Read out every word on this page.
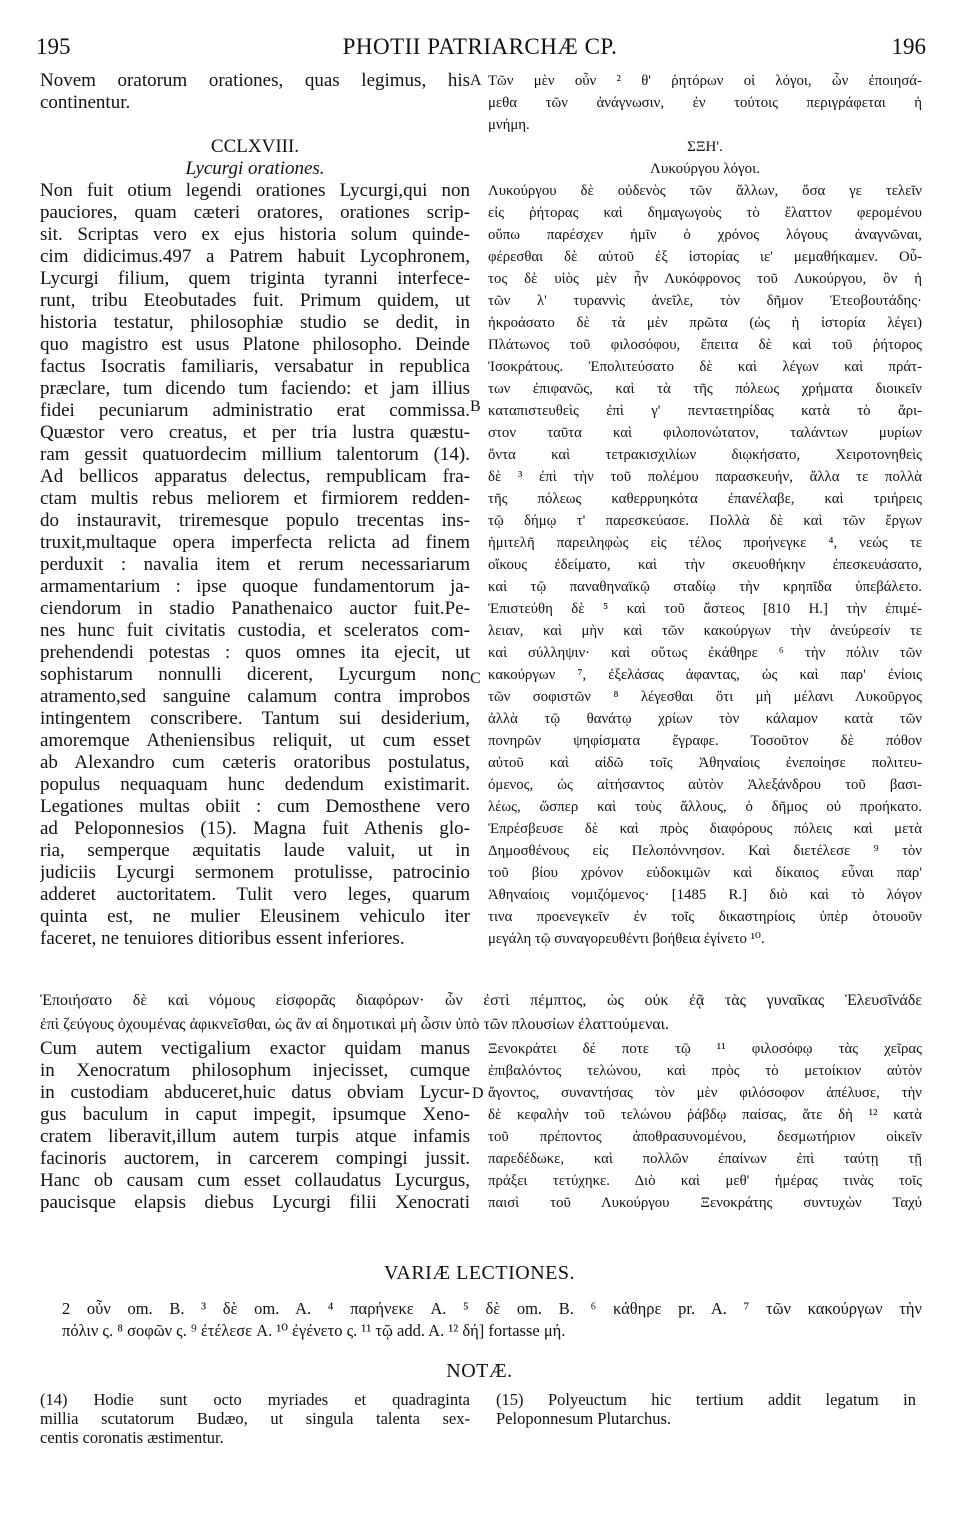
195	PHOTII PATRIARCHÆ CP.	196
Novem oratorum orationes, quas legimus, his
continentur.
CCLXVIII.
Lycurgi orationes.
Non fuit otium legendi orationes Lycurgi,qui non
pauciores, quam cæteri oratores, orationes scrip-
sit. Scriptas vero ex ejus historia solum quinde-
cim didicimus.497 a Patrem habuit Lycophronem,
Lycurgi filium, quem triginta tyranni interfece-
runt, tribu Eteobutades fuit. Primum quidem, ut
historia testatur, philosophiæ studio se dedit, in
quo magistro est usus Platone philosopho. Deinde
factus Isocratis familiaris, versabatur in republica
præclare, tum dicendo tum faciendo: et jam illius
fidei pecuniarum administratio erat commissa.
Quæstor vero creatus, et per tria lustra quæstu-
ram gessit quatuordecim millium talentorum (14).
Ad bellicos apparatus delectus, rempublicam fra-
ctam multis rebus meliorem et firmiorem redden-
do instauravit, triremesque populo trecentas ins-
truxit,multaque opera imperfecta relicta ad finem
perduxit : navalia item et rerum necessariarum
armamentarium : ipse quoque fundamentorum ja-
ciendorum in stadio Panathenaico auctor fuit.Pe-
nes hunc fuit civitatis custodia, et sceleratos com-
prehendendi potestas : quos omnes ita ejecit, ut
sophistarum nonnulli dicerent, Lycurgum non
atramento,sed sanguine calamum contra improbos
intingentem conscribere. Tantum sui desiderium,
amoremque Atheniensibus reliquit, ut cum esset
ab Alexandro cum cæteris oratoribus postulatus,
populus nequaquam hunc dedendum existimarit.
Legationes multas obiit : cum Demosthene vero
ad Peloponnesios (15). Magna fuit Athenis glo-
ria, semperque æquitatis laude valuit, ut in
judiciis Lycurgi sermonem protulisse, patrocinio
adderet auctoritatem. Tulit vero leges, quarum
quinta est, ne mulier Eleusinem vehiculo iter
faceret, ne tenuiores ditioribus essent inferiores.
A
B
C
D
Τῶν μὲν οὖν ² θ' ῥητόρων οἱ λόγοι, ὧν ἐποιησά-
μεθα τῶν ἀνάγνωσιν, ἐν τούτοις περιγράφεται ἡ
μνήμη.
ΣΞΗ'.
Λυκούργου λόγοι.
Λυκούργου δὲ οὐδενὸς τῶν ἄλλων, ὅσα γε τελεῖν
εἰς ῥήτορας καὶ δημαγωγοὺς τὸ ἔλαττον φερομένου
οὔπω παρέσχεν ἡμῖν ὁ χρόνος λόγους ἀναγνῶναι,
φέρεσθαι δὲ αὐτοῦ ἐξ ἱστορίας ιε' μεμαθήκαμεν. Οὗ-
τος δὲ υἱὸς μὲν ἦν Λυκόφρονος τοῦ Λυκούργου, ὃν ἡ
τῶν λ' τυραννὶς ἀνεῖλε, τὸν δῆμον Ἐτεοβουτάδης·
ἠκροάσατο δὲ τὰ μὲν πρῶτα (ὡς ἡ ἱστορία λέγει)
Πλάτωνος τοῦ φιλοσόφου, ἔπειτα δὲ καὶ τοῦ ῥήτορος
Ἰσοκράτους. Ἐπολιτεύσατο δὲ καὶ λέγων καὶ πράτ-
των ἐπιφανῶς, καὶ τὰ τῆς πόλεως χρήματα διοικεῖν
καταπιστευθεὶς ἐπὶ γ' πενταετηρίδας κατὰ τὸ ἄρι-
στον ταῦτα καὶ φιλοπονώτατον, ταλάντων μυρίων
ὄντα καὶ τετρακισχιλίων διῳκήσατο, Χειροτονηθεὶς
δὲ ³ ἐπὶ τὴν τοῦ πολέμου παρασκευήν, ἄλλα τε πολλὰ
τῆς πόλεως καθερρυηκότα ἐπανέλαβε, καὶ τριήρεις
τῷ δήμῳ τ' παρεσκεύασε. Πολλὰ δὲ καὶ τῶν ἔργων
ἡμιτελῆ παρειληφὼς εἰς τέλος προήνεγκε ⁴, νεώς τε
οἴκους ἐδείματο, καὶ τὴν σκευοθήκην ἐπεσκευάσατο,
καὶ τῷ παναθηναϊκῷ σταδίῳ τὴν κρηπῖδα ὑπεβάλετο.
Ἐπιστεύθη δὲ ⁵ καὶ τοῦ ἄστεος [810 H.] τὴν ἐπιμέ-
λειαν, καὶ μὴν καὶ τῶν κακούργων τὴν ἀνεύρεσίν τε
καὶ σύλληψιν· καὶ οὕτως ἐκάθηρε ⁶ τὴν πόλιν τῶν
κακούργων ⁷, ἐξελάσας ἀφαντας, ὡς καὶ παρ' ἐνίοις
τῶν σοφιστῶν ⁸ λέγεσθαι ὅτι μὴ μέλανι Λυκοῦργος
ἀλλὰ τῷ θανάτῳ χρίων τὸν κάλαμον κατὰ τῶν
πονηρῶν ψηφίσματα ἔγραφε. Τοσοῦτον δὲ πόθον
αὐτοῦ καὶ αἰδῶ τοῖς Ἀθηναίοις ἐνεποίησε πολιτευ-
όμενος, ὡς αἰτήσαντος αὐτὸν Ἀλεξάνδρου τοῦ βασι-
λέως, ὥσπερ καὶ τοὺς ἄλλους, ὁ δῆμος οὐ προήκατο.
Ἐπρέσβευσε δὲ καὶ πρὸς διαφόρους πόλεις καὶ μετὰ
Δημοσθένους εἰς Πελοπόννησον. Καὶ διετέλεσε ⁹ τὸν
τοῦ βίου χρόνον εὐδοκιμῶν καὶ δίκαιος εὖναι παρ'
Ἀθηναίοις νομιζόμενος· [1485 R.] διὸ καὶ τὸ λόγον
τινα προενεγκεῖν ἐν τοῖς δικαστηρίοις ὑπὲρ ὁτουοῦν
μεγάλη τῷ συναγορευθέντι βοήθεια ἐγίνετο ¹⁰.
Ἐποιήσατο δὲ καὶ νόμους εἰσφορᾶς διαφόρων· ὧν ἐστὶ πέμπτος, ὡς οὐκ ἐᾷ τὰς γυναῖκας Ἐλευσῖνάδε
ἐπὶ ζεύγους ὀχουμένας ἀφικνεῖσθαι, ὡς ἂν αἱ δημοτικαὶ μὴ ὦσιν ὑπὸ τῶν πλουσίων ἐλαττούμεναι.
Cum autem vectigalium exactor quidam manus
in Xenocratum philosophum injecisset, cumque
in custodiam abduceret,huic datus obviam Lycur-
gus baculum in caput impegit, ipsumque Xeno-
cratem liberavit,illum autem turpis atque infamis
facinoris auctorem, in carcerem compingi jussit.
Hanc ob causam cum esset collaudatus Lycurgus,
paucisque elapsis diebus Lycurgi filii Xenocrati
Ξενοκράτει δέ ποτε τῷ ¹¹ φιλοσόφῳ τὰς χεῖρας
ἐπιβαλόντος τελώνου, καὶ πρὸς τὸ μετοίκιον αὐτὸν
ἄγοντος, συναντήσας τὸν μὲν φιλόσοφον ἀπέλυσε, τὴν
δὲ κεφαλὴν τοῦ τελώνου ῥάβδῳ παίσας, ἅτε δὴ ¹² κατὰ
τοῦ πρέποντος ἀποθρασυνομένου, δεσμωτήριον οἰκεῖν
παρεδέδωκε, καὶ πολλῶν ἐπαίνων ἐπὶ ταύτῃ τῇ
πράξει τετύχηκε. Διὸ καὶ μεθ' ἡμέρας τινὰς τοῖς
παισὶ τοῦ Λυκούργου Ξενοκράτης συντυχὼν Ταχύ
VARIÆ LECTIONES.
2 οὖν om. B. ³ δὲ om. A. ⁴ παρήνεκε A. ⁵ δὲ om. B. ⁶ κάθηρε pr. A. ⁷ τῶν κακούργων τὴν
πόλιν ς. ⁸ σοφῶν ς. ⁹ ἐτέλεσε A. ¹⁰ ἐγένετο ς. ¹¹ τῷ add. A. ¹² δή] fortasse μή.
NOTÆ.
(14) Hodie sunt octo myriades et quadraginta
millia scutatorum Budæo, ut singula talenta sex-
centis coronatis æstimentur.
(15) Polyeuctum hic tertium addit legatum in
Peloponnesum Plutarchus.
